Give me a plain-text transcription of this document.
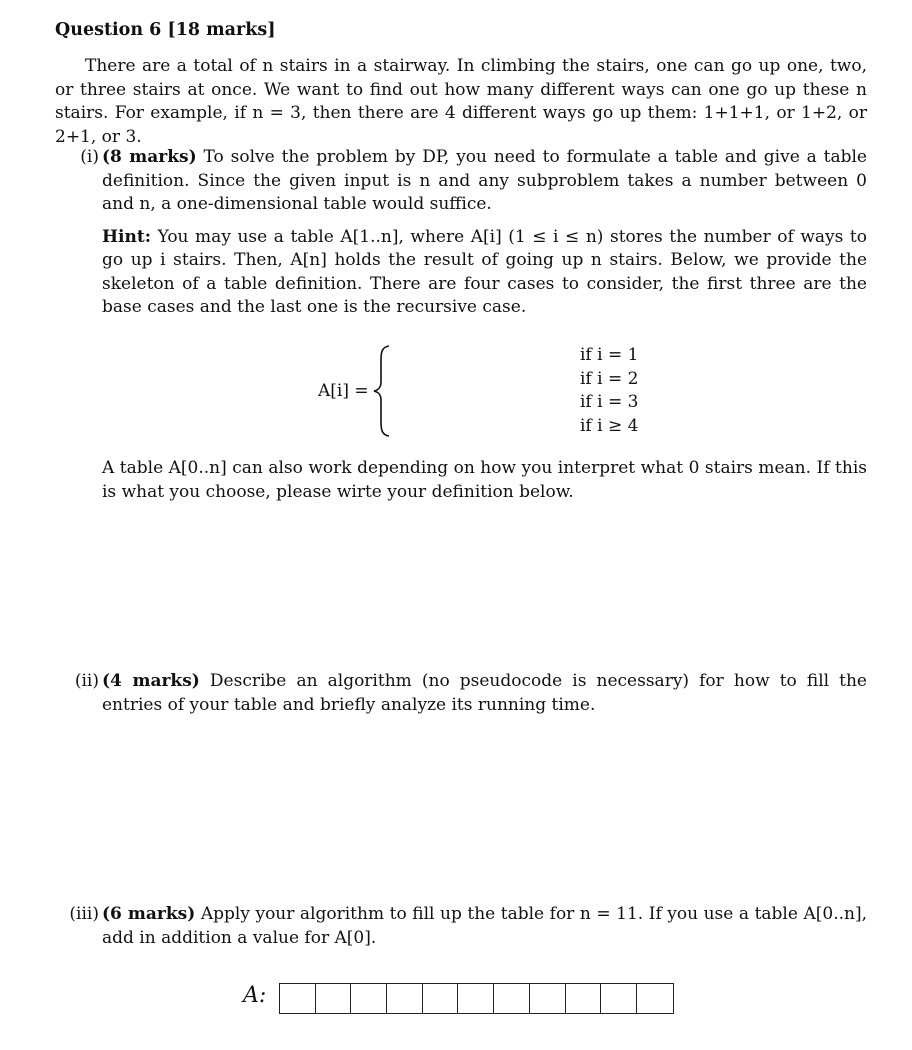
Question 6 [18 marks]
There are a total of n stairs in a stairway. In climbing the stairs, one can go up one, two, or three stairs at once. We want to find out how many different ways can one go up these n stairs. For example, if n = 3, then there are 4 different ways go up them: 1+1+1, or 1+2, or 2+1, or 3.
(i) (8 marks) To solve the problem by DP, you need to formulate a table and give a table definition. Since the given input is n and any subproblem takes a number between 0 and n, a one-dimensional table would suffice.

Hint: You may use a table A[1..n], where A[i] (1 ≤ i ≤ n) stores the number of ways to go up i stairs. Then, A[n] holds the result of going up n stairs. Below, we provide the skeleton of a table definition. There are four cases to consider, the first three are the base cases and the last one is the recursive case.

A[i] =
if i = 1
if i = 2
if i = 3
if i ≥ 4
A table A[0..n] can also work depending on how you interpret what 0 stairs mean. If this is what you choose, please wirte your definition below.
(ii) (4 marks) Describe an algorithm (no pseudocode is necessary) for how to fill the entries of your table and briefly analyze its running time.

(iii) (6 marks) Apply your algorithm to fill up the table for n = 11. If you use a table A[0..n], add in addition a value for A[0].

A:
